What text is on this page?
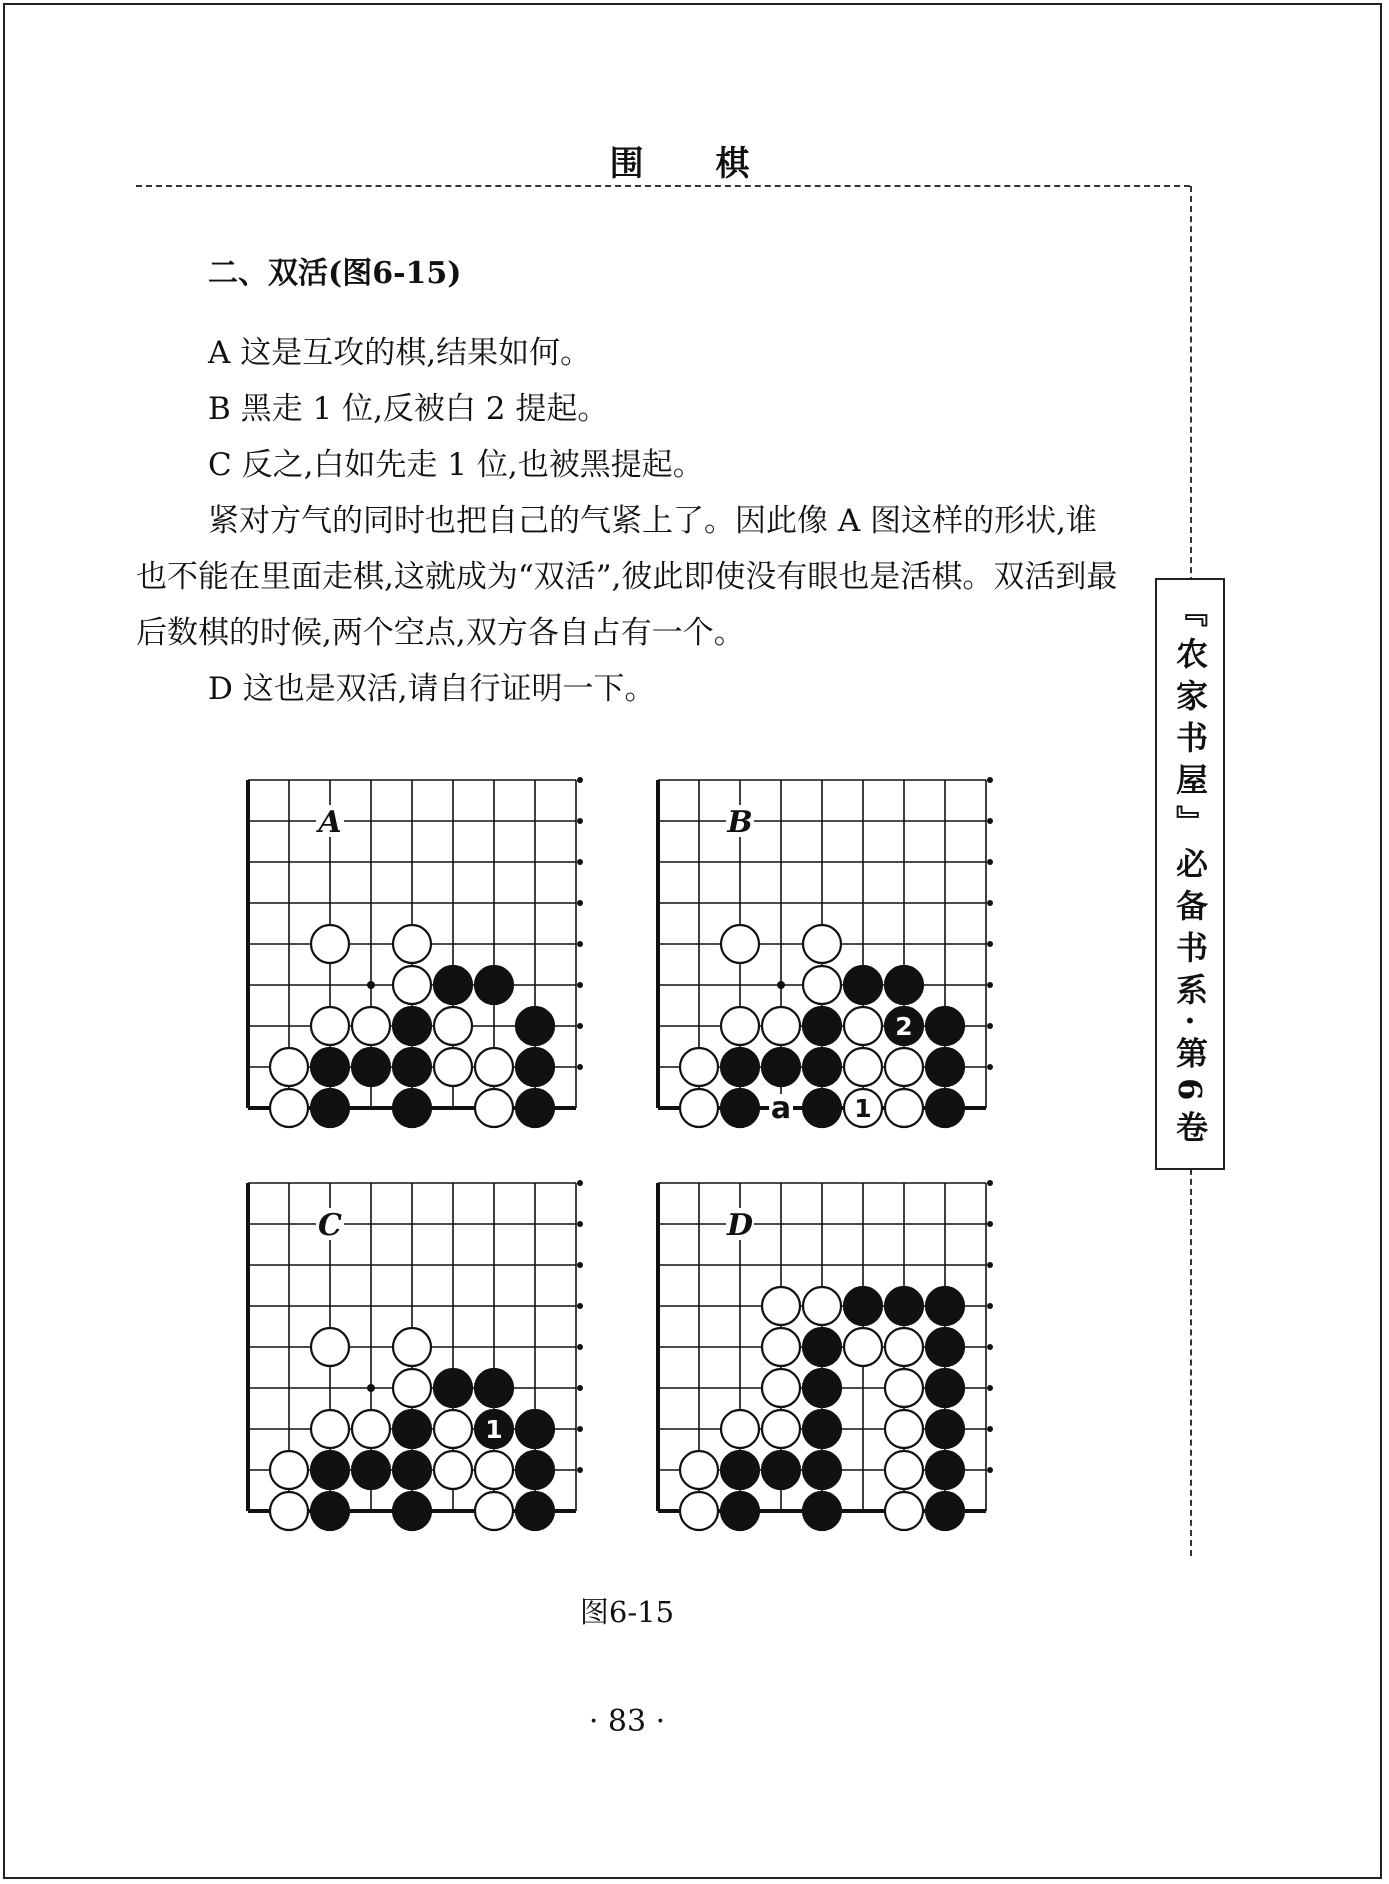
围 棋
『农家书屋』必备书系·第6卷
二、双活(图6-15)

A 这是互攻的棋,结果如何。

B 黑走 1 位,反被白 2 提起。

C 反之,白如先走 1 位,也被黑提起。

紧对方气的同时也把自己的气紧上了。因此像 A 图这样的形状,谁也不能在里面走棋,这就成为“双活”,彼此即使没有眼也是活棋。双活到最后数棋的时候,两个空点,双方各自占有一个。

D 这也是双活,请自行证明一下。

A	B
2
1
a
C
1
D
图6-15
· 83 ·
